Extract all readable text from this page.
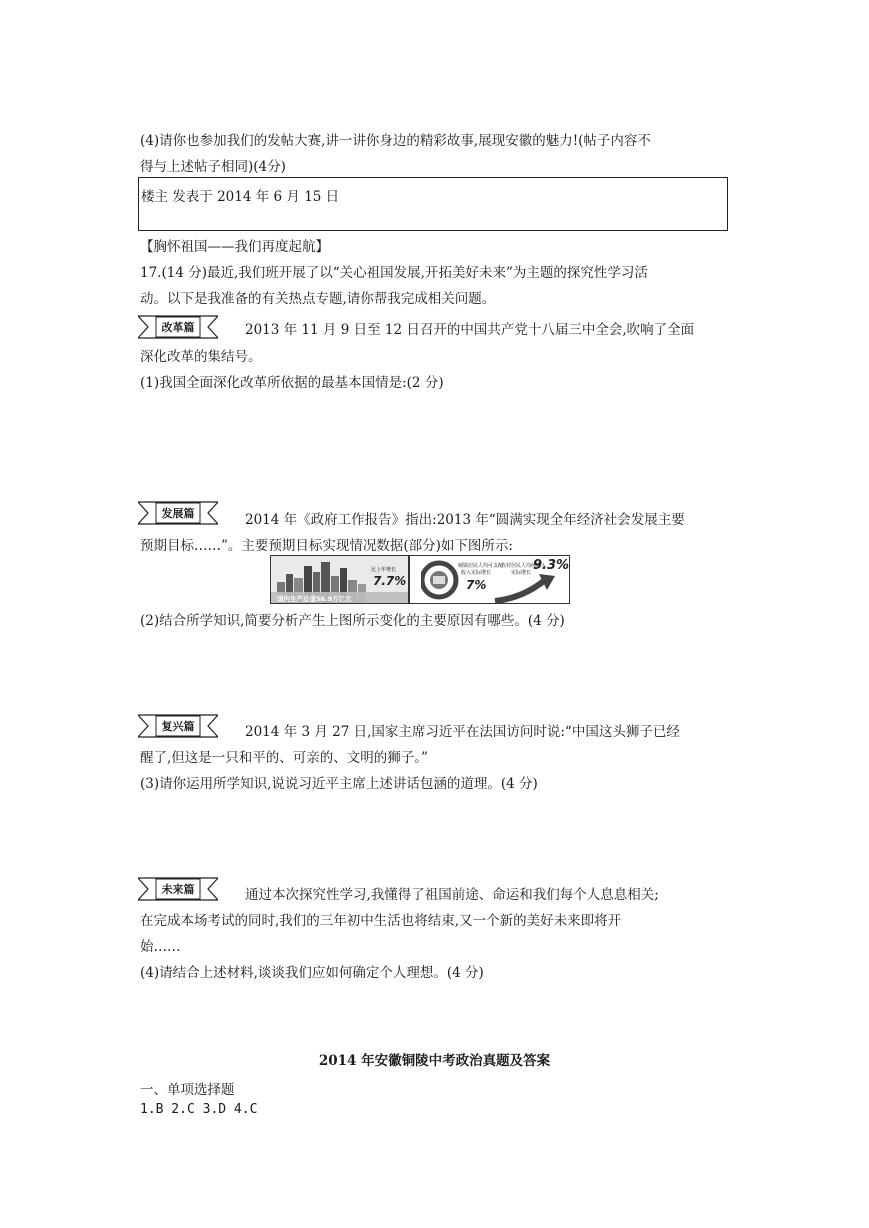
(4)请你也参加我们的发帖大赛,讲一讲你身边的精彩故事,展现安徽的魅力!(帖子内容不
得与上述帖子相同)(4分)
楼主 发表于 2014 年 6 月 15 日
【胸怀祖国——我们再度起航】
17.(14 分)最近,我们班开展了以“关心祖国发展,开拓美好未来”为主题的探究性学习活
动。以下是我准备的有关热点专题,请你帮我完成相关问题。
改革篇	2013 年 11 月 9 日至 12 日召开的中国共产党十八届三中全会,吹响了全面
深化改革的集结号。
(1)我国全面深化改革所依据的最基本国情是:(2 分)
发展篇	2014 年《政府工作报告》指出:2013 年“圆满实现全年经济社会发展主要
预期目标……”。主要预期目标实现情况数据(部分)如下图所示:
国内生产总值56.9万亿元
比上年增长
7.7%
城镇居民人均可支配
收入实际增长
7%
农村居民人均纯收入
实际增长 9.3%
(2)结合所学知识,简要分析产生上图所示变化的主要原因有哪些。(4 分)
复兴篇	2014 年 3 月 27 日,国家主席习近平在法国访问时说:“中国这头狮子已经
醒了,但这是一只和平的、可亲的、文明的狮子。”
(3)请你运用所学知识,说说习近平主席上述讲话包涵的道理。(4 分)
未来篇	通过本次探究性学习,我懂得了祖国前途、命运和我们每个人息息相关;
在完成本场考试的同时,我们的三年初中生活也将结束,又一个新的美好未来即将开
始……
(4)请结合上述材料,谈谈我们应如何确定个人理想。(4 分)
2014 年安徽铜陵中考政治真题及答案
一、单项选择题
1.B 2.C 3.D 4.C
